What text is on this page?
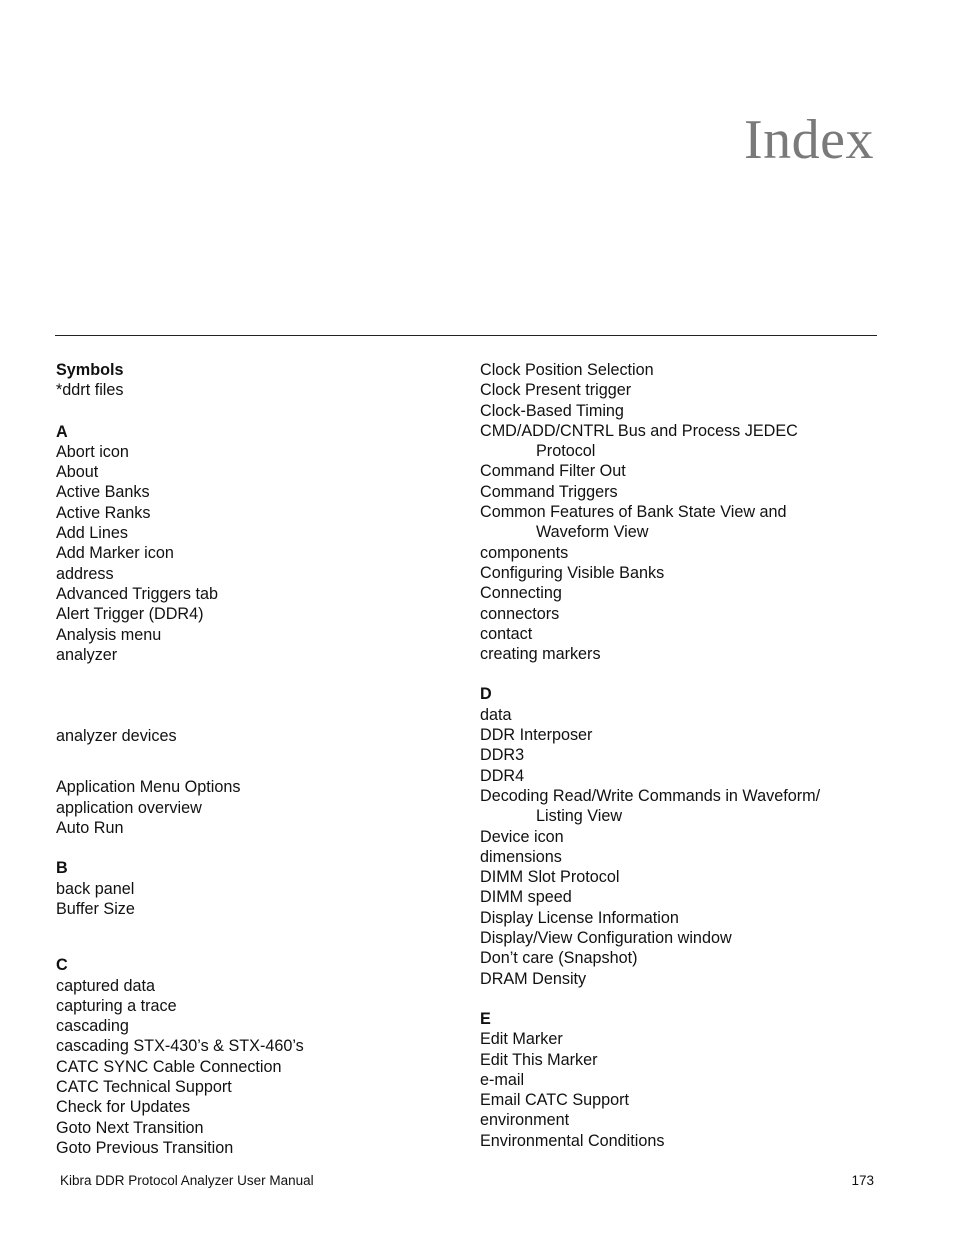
Index
Symbols
*ddrt files
A
Abort icon
About
Active Banks
Active Ranks
Add Lines
Add Marker icon
address
Advanced Triggers tab
Alert Trigger (DDR4)
Analysis menu
analyzer
analyzer devices
Application Menu Options
application overview
Auto Run
B
back panel
Buffer Size
C
captured data
capturing a trace
cascading
cascading STX-430’s & STX-460’s
CATC SYNC Cable Connection
CATC Technical Support
Check for Updates
Goto Next Transition
Goto Previous Transition
Clock Position Selection
Clock Present trigger
Clock-Based Timing
CMD/ADD/CNTRL Bus and Process JEDEC
Protocol
Command Filter Out
Command Triggers
Common Features of Bank State View and
Waveform View
components
Configuring Visible Banks
Connecting
connectors
contact
creating markers
D
data
DDR Interposer
DDR3
DDR4
Decoding Read/Write Commands in Waveform/
Listing View
Device icon
dimensions
DIMM Slot Protocol
DIMM speed
Display License Information
Display/View Configuration window
Don’t care (Snapshot)
DRAM Density
E
Edit Marker
Edit This Marker
e-mail
Email CATC Support
environment
Environmental Conditions
Kibra DDR Protocol Analyzer User Manual	173
